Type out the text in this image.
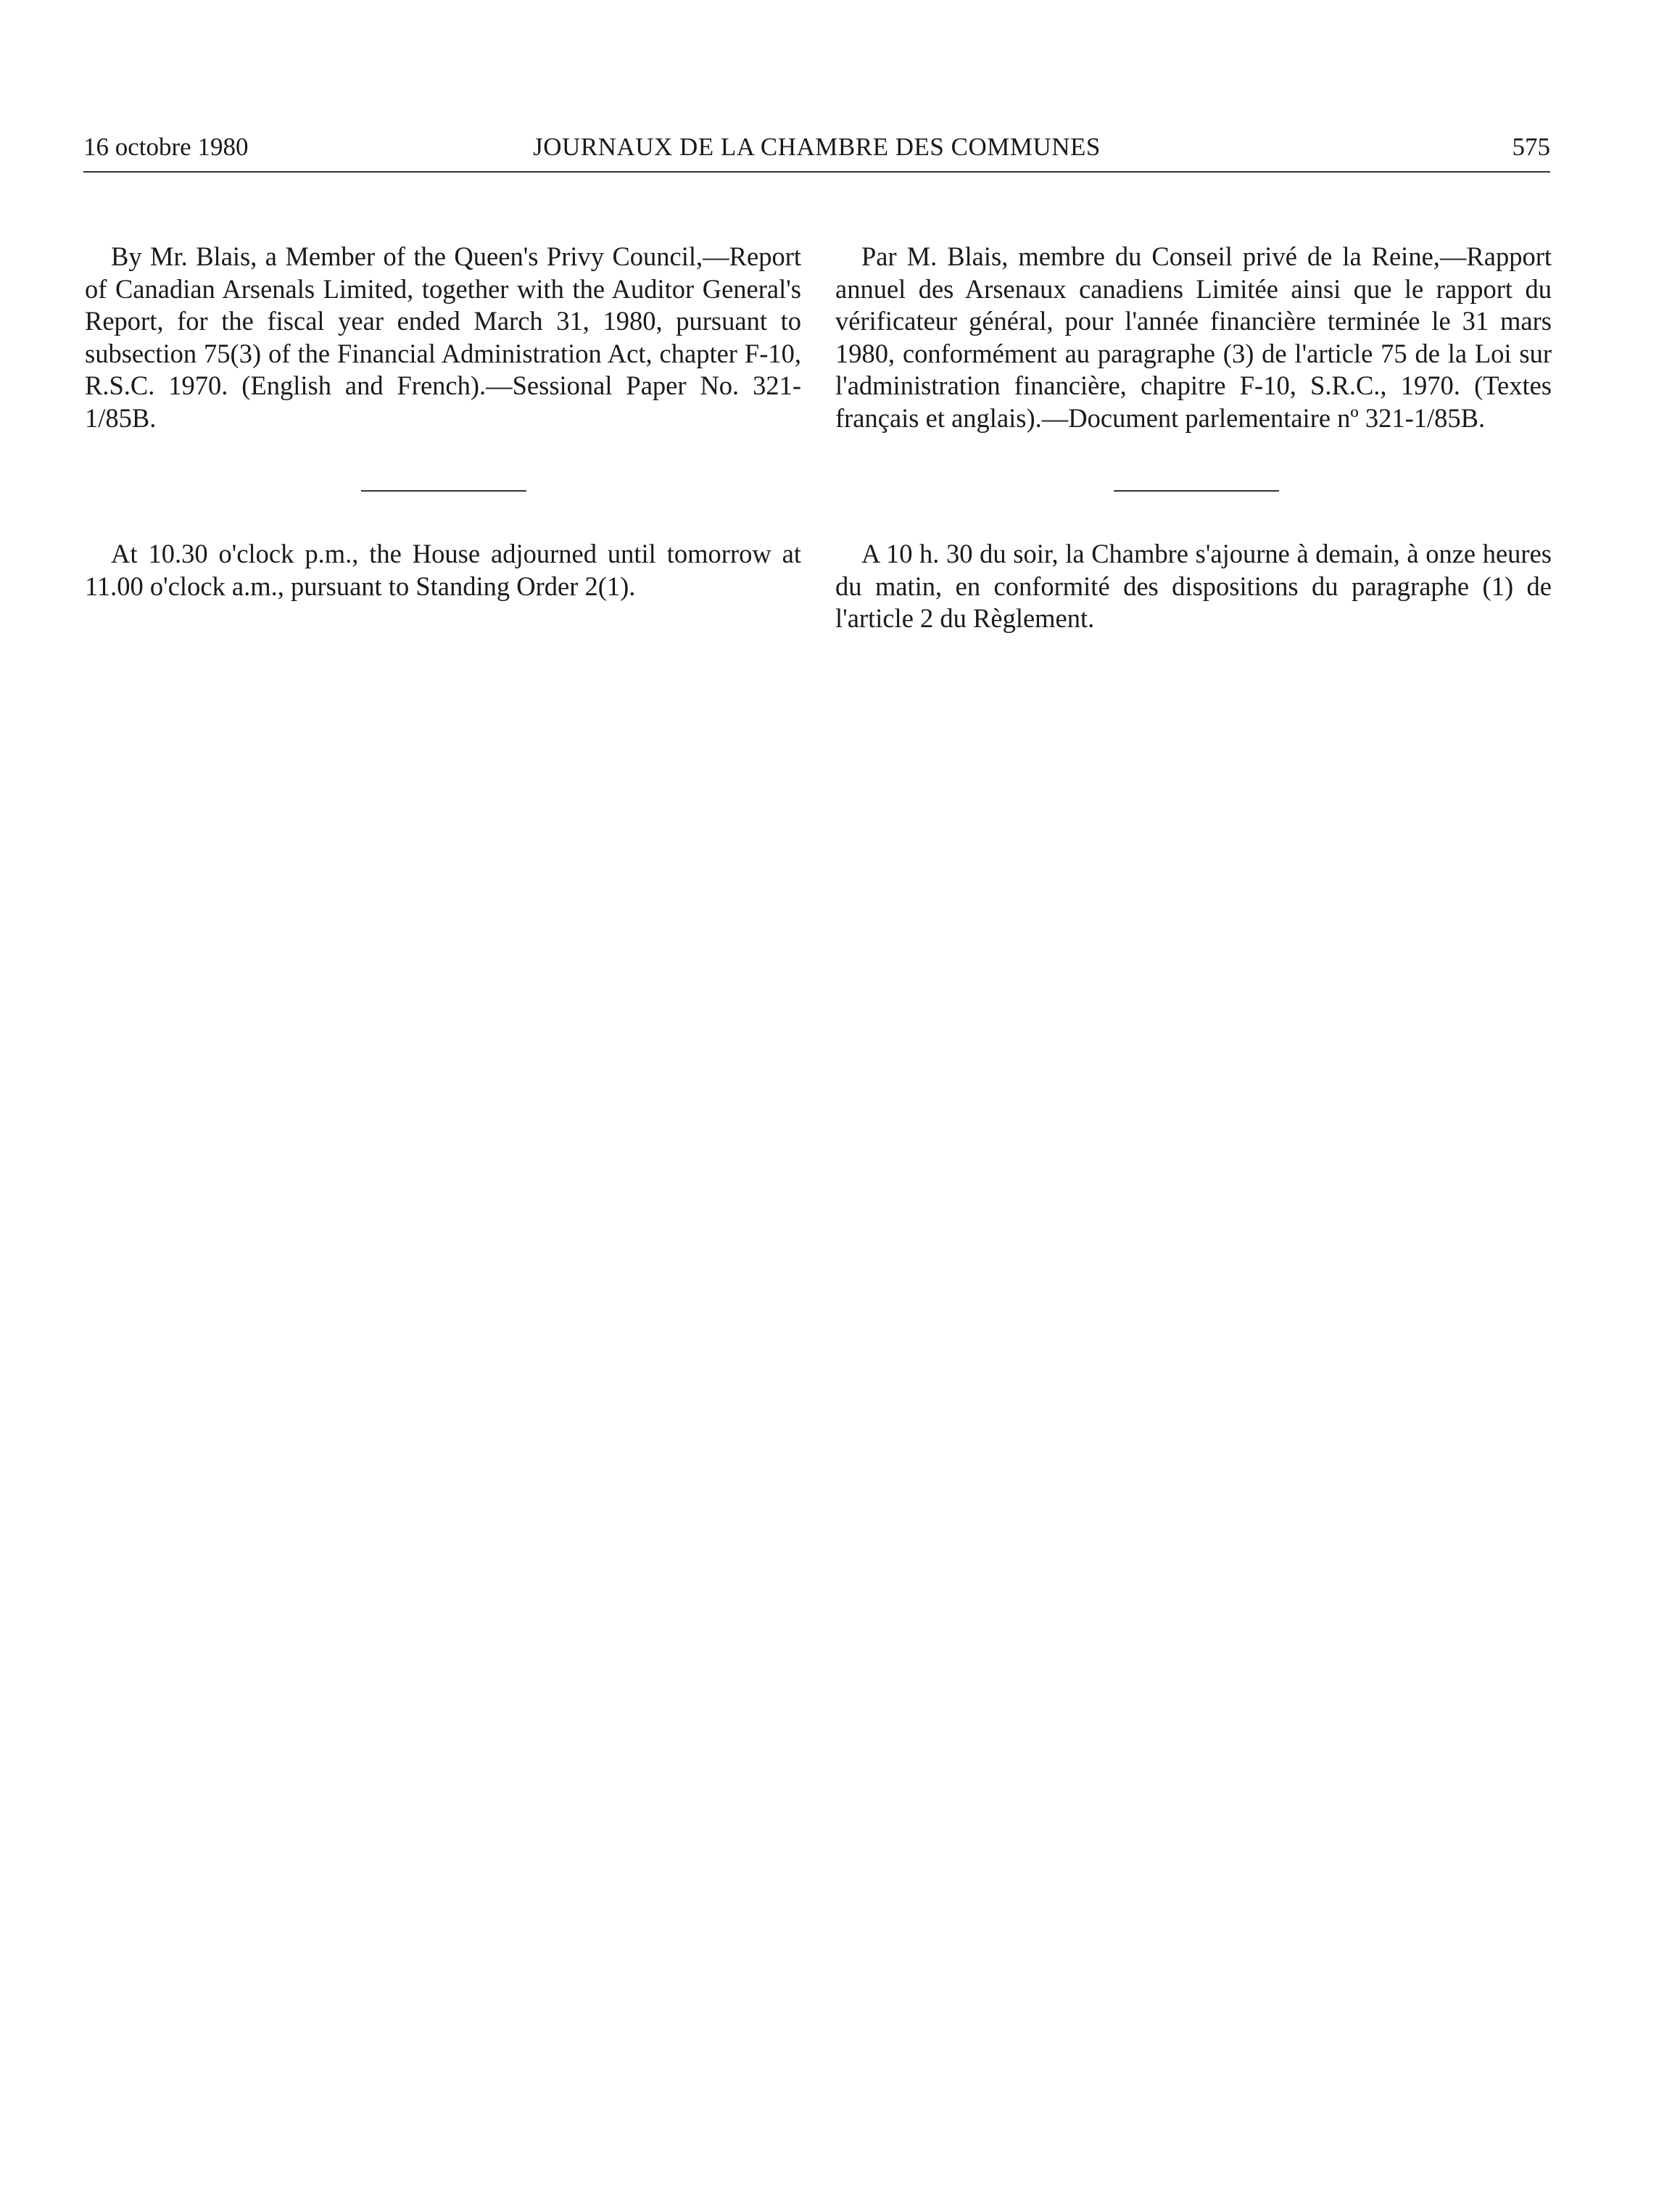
16 octobre 1980	JOURNAUX DE LA CHAMBRE DES COMMUNES	575

By Mr. Blais, a Member of the Queen's Privy Council,—Report of Canadian Arsenals Limited, together with the Auditor General's Report, for the fiscal year ended March 31, 1980, pursuant to subsection 75(3) of the Financial Administration Act, chapter F-10, R.S.C. 1970. (English and French).—Sessional Paper No. 321-1/85B.

Par M. Blais, membre du Conseil privé de la Reine,—Rapport annuel des Arsenaux canadiens Limitée ainsi que le rapport du vérificateur général, pour l'année financière terminée le 31 mars 1980, conformément au paragraphe (3) de l'article 75 de la Loi sur l'administration financière, chapitre F-10, S.R.C., 1970. (Textes français et anglais).—Document parlementaire nº 321-1/85B.

At 10.30 o'clock p.m., the House adjourned until tomorrow at 11.00 o'clock a.m., pursuant to Standing Order 2(1).

A 10 h. 30 du soir, la Chambre s'ajourne à demain, à onze heures du matin, en conformité des dispositions du paragraphe (1) de l'article 2 du Règlement.
